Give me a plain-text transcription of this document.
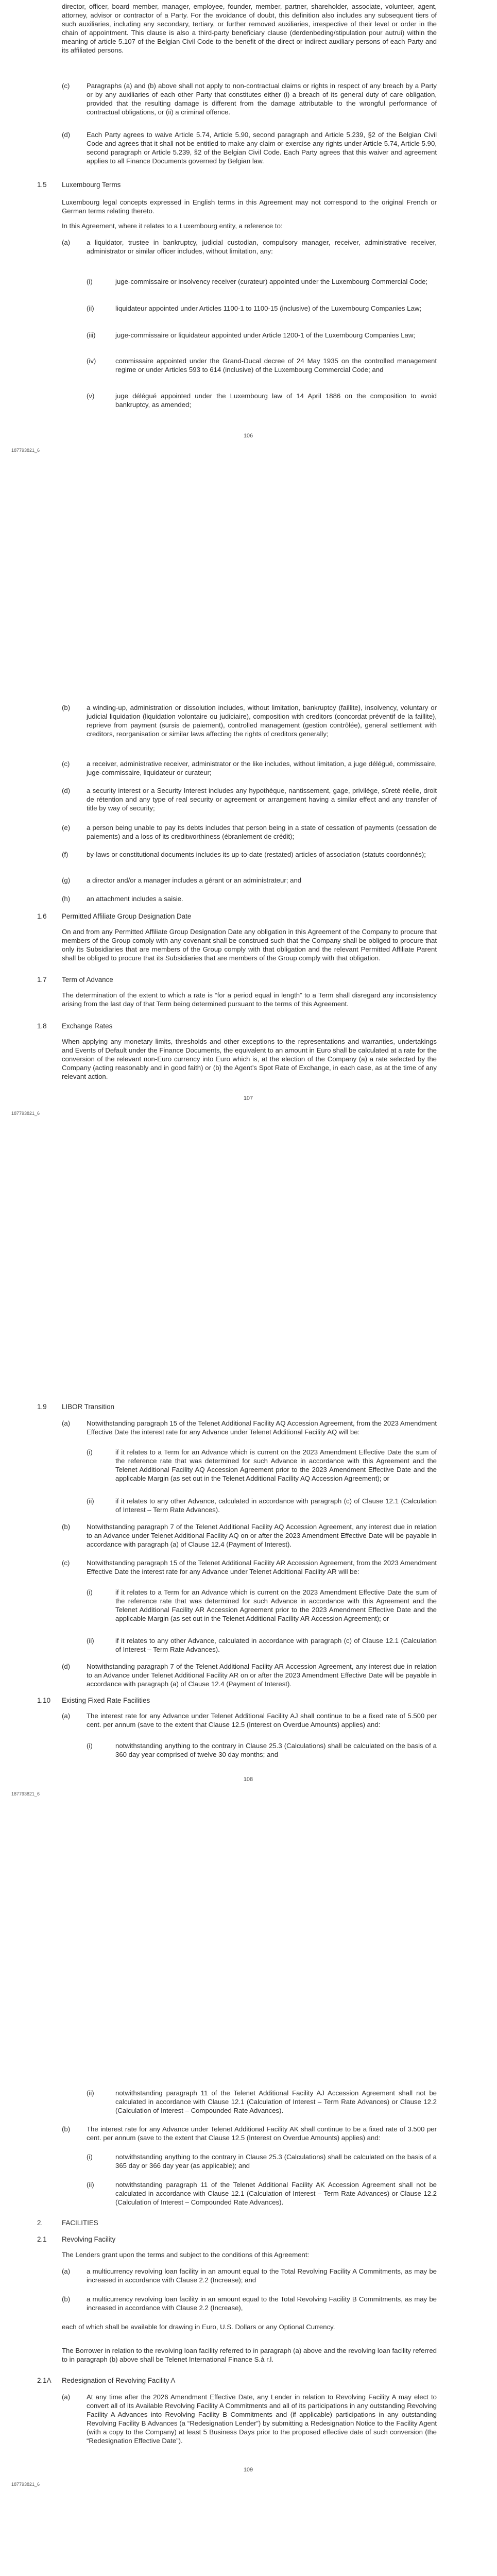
director, officer, board member, manager, employee, founder, member, partner, shareholder, associate, volunteer, agent, attorney, advisor or contractor of a Party. For the avoidance of doubt, this definition also includes any subsequent tiers of such auxiliaries, including any secondary, tertiary, or further removed auxiliaries, irrespective of their level or order in the chain of appointment. This clause is also a third-party beneficiary clause (derdenbeding/stipulation pour autrui) within the meaning of article 5.107 of the Belgian Civil Code to the benefit of the direct or indirect auxiliary persons of each Party and its affiliated persons.

(c)	Paragraphs (a) and (b) above shall not apply to non-contractual claims or rights in respect of any breach by a Party or by any auxiliaries of each other Party that constitutes either (i) a breach of its general duty of care obligation, provided that the resulting damage is different from the damage attributable to the wrongful performance of contractual obligations, or (ii) a criminal offence.

(d)	Each Party agrees to waive Article 5.74, Article 5.90, second paragraph and Article 5.239, §2 of the Belgian Civil Code and agrees that it shall not be entitled to make any claim or exercise any rights under Article 5.74, Article 5.90, second paragraph or Article 5.239, §2 of the Belgian Civil Code. Each Party agrees that this waiver and agreement applies to all Finance Documents governed by Belgian law.

1.5	Luxembourg Terms

Luxembourg legal concepts expressed in English terms in this Agreement may not correspond to the original French or German terms relating thereto.

In this Agreement, where it relates to a Luxembourg entity, a reference to:

(a)	a liquidator, trustee in bankruptcy, judicial custodian, compulsory manager, receiver, administrative receiver, administrator or similar officer includes, without limitation, any:

(i)	juge-commissaire or insolvency receiver (curateur) appointed under the Luxembourg Commercial Code;

(ii)	liquidateur appointed under Articles 1100-1 to 1100-15 (inclusive) of the Luxembourg Companies Law;

(iii)	juge-commissaire or liquidateur appointed under Article 1200-1 of the Luxembourg Companies Law;

(iv)	commissaire appointed under the Grand-Ducal decree of 24 May 1935 on the controlled management regime or under Articles 593 to 614 (inclusive) of the Luxembourg Commercial Code; and

(v)	juge délégué appointed under the Luxembourg law of 14 April 1886 on the composition to avoid bankruptcy, as amended;

106
187793821_6
(b)	a winding-up, administration or dissolution includes, without limitation, bankruptcy (faillite), insolvency, voluntary or judicial liquidation (liquidation volontaire ou judiciaire), composition with creditors (concordat préventif de la faillite), reprieve from payment (sursis de paiement), controlled management (gestion contrôlée), general settlement with creditors, reorganisation or similar laws affecting the rights of creditors generally;

(c)	a receiver, administrative receiver, administrator or the like includes, without limitation, a juge délégué, commissaire, juge-commissaire, liquidateur or curateur;

(d)	a security interest or a Security Interest includes any hypothèque, nantissement, gage, privilège, sûreté réelle, droit de rétention and any type of real security or agreement or arrangement having a similar effect and any transfer of title by way of security;

(e)	a person being unable to pay its debts includes that person being in a state of cessation of payments (cessation de paiements) and a loss of its creditworthiness (ébranlement de crédit);

(f)	by-laws or constitutional documents includes its up-to-date (restated) articles of association (statuts coordonnés);

(g)	a director and/or a manager includes a gérant or an administrateur; and

(h)	an attachment includes a saisie.

1.6	Permitted Affiliate Group Designation Date

On and from any Permitted Affiliate Group Designation Date any obligation in this Agreement of the Company to procure that members of the Group comply with any covenant shall be construed such that the Company shall be obliged to procure that only its Subsidiaries that are members of the Group comply with that obligation and the relevant Permitted Affiliate Parent shall be obliged to procure that its Subsidiaries that are members of the Group comply with that obligation.

1.7	Term of Advance

The determination of the extent to which a rate is “for a period equal in length” to a Term shall disregard any inconsistency arising from the last day of that Term being determined pursuant to the terms of this Agreement.

1.8	Exchange Rates

When applying any monetary limits, thresholds and other exceptions to the representations and warranties, undertakings and Events of Default under the Finance Documents, the equivalent to an amount in Euro shall be calculated at a rate for the conversion of the relevant non-Euro currency into Euro which is, at the election of the Company (a) a rate selected by the Company (acting reasonably and in good faith) or (b) the Agent’s Spot Rate of Exchange, in each case, as at the time of any relevant action.

107
187793821_6
1.9	LIBOR Transition

(a)	Notwithstanding paragraph 15 of the Telenet Additional Facility AQ Accession Agreement, from the 2023 Amendment Effective Date the interest rate for any Advance under Telenet Additional Facility AQ will be:

(i)	if it relates to a Term for an Advance which is current on the 2023 Amendment Effective Date the sum of the reference rate that was determined for such Advance in accordance with this Agreement and the Telenet Additional Facility AQ Accession Agreement prior to the 2023 Amendment Effective Date and the applicable Margin (as set out in the Telenet Additional Facility AQ Accession Agreement); or

(ii)	if it relates to any other Advance, calculated in accordance with paragraph (c) of Clause 12.1 (Calculation of Interest – Term Rate Advances).

(b)	Notwithstanding paragraph 7 of the Telenet Additional Facility AQ Accession Agreement, any interest due in relation to an Advance under Telenet Additional Facility AQ on or after the 2023 Amendment Effective Date will be payable in accordance with paragraph (a) of Clause 12.4 (Payment of Interest).

(c)	Notwithstanding paragraph 15 of the Telenet Additional Facility AR Accession Agreement, from the 2023 Amendment Effective Date the interest rate for any Advance under Telenet Additional Facility AR will be:

(i)	if it relates to a Term for an Advance which is current on the 2023 Amendment Effective Date the sum of the reference rate that was determined for such Advance in accordance with this Agreement and the Telenet Additional Facility AR Accession Agreement prior to the 2023 Amendment Effective Date and the applicable Margin (as set out in the Telenet Additional Facility AR Accession Agreement); or

(ii)	if it relates to any other Advance, calculated in accordance with paragraph (c) of Clause 12.1 (Calculation of Interest – Term Rate Advances).

(d)	Notwithstanding paragraph 7 of the Telenet Additional Facility AR Accession Agreement, any interest due in relation to an Advance under Telenet Additional Facility AR on or after the 2023 Amendment Effective Date will be payable in accordance with paragraph (a) of Clause 12.4 (Payment of Interest).

1.10	Existing Fixed Rate Facilities

(a)	The interest rate for any Advance under Telenet Additional Facility AJ shall continue to be a fixed rate of 5.500 per cent. per annum (save to the extent that Clause 12.5 (Interest on Overdue Amounts) applies) and:

(i)	notwithstanding anything to the contrary in Clause 25.3 (Calculations) shall be calculated on the basis of a 360 day year comprised of twelve 30 day months; and

108
187793821_6
(ii)	notwithstanding paragraph 11 of the Telenet Additional Facility AJ Accession Agreement shall not be calculated in accordance with Clause 12.1 (Calculation of Interest – Term Rate Advances) or Clause 12.2 (Calculation of Interest – Compounded Rate Advances).

(b)	The interest rate for any Advance under Telenet Additional Facility AK shall continue to be a fixed rate of 3.500 per cent. per annum (save to the extent that Clause 12.5 (Interest on Overdue Amounts) applies) and:

(i)	notwithstanding anything to the contrary in Clause 25.3 (Calculations) shall be calculated on the basis of a 365 day or 366 day year (as applicable); and

(ii)	notwithstanding paragraph 11 of the Telenet Additional Facility AK Accession Agreement shall not be calculated in accordance with Clause 12.1 (Calculation of Interest – Term Rate Advances) or Clause 12.2 (Calculation of Interest – Compounded Rate Advances).

2.	FACILITIES

2.1	Revolving Facility

The Lenders grant upon the terms and subject to the conditions of this Agreement:

(a)	a multicurrency revolving loan facility in an amount equal to the Total Revolving Facility A Commitments, as may be increased in accordance with Clause 2.2 (Increase); and

(b)	a multicurrency revolving loan facility in an amount equal to the Total Revolving Facility B Commitments, as may be increased in accordance with Clause 2.2 (Increase),

each of which shall be available for drawing in Euro, U.S. Dollars or any Optional Currency.

The Borrower in relation to the revolving loan facility referred to in paragraph (a) above and the revolving loan facility referred to in paragraph (b) above shall be Telenet International Finance S.à r.l.

2.1A	Redesignation of Revolving Facility A

(a)	At any time after the 2026 Amendment Effective Date, any Lender in relation to Revolving Facility A may elect to convert all of its Available Revolving Facility A Commitments and all of its participations in any outstanding Revolving Facility A Advances into Revolving Facility B Commitments and (if applicable) participations in any outstanding Revolving Facility B Advances (a “Redesignation Lender”) by submitting a Redesignation Notice to the Facility Agent (with a copy to the Company) at least 5 Business Days prior to the proposed effective date of such conversion (the “Redesignation Effective Date”).

109
187793821_6
